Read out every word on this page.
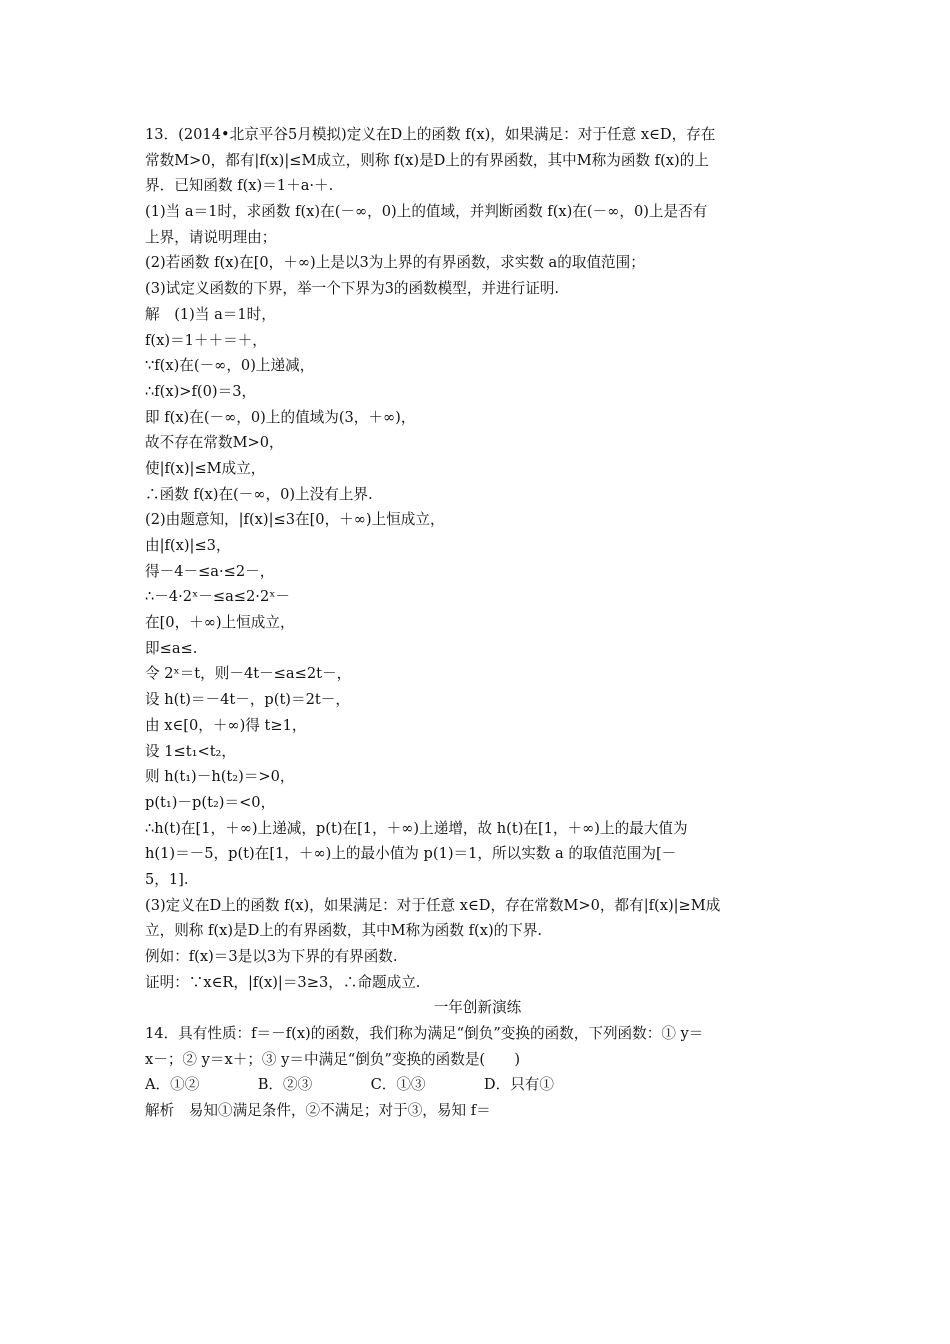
13．(2014•北京平谷5月模拟)定义在D上的函数 f(x)，如果满足：对于任意 x∈D，存在
常数M>0，都有|f(x)|≤M成立，则称 f(x)是D上的有界函数，其中M称为函数 f(x)的上
界．已知函数 f(x)＝1＋a·＋.
(1)当 a＝1时，求函数 f(x)在(－∞，0)上的值域，并判断函数 f(x)在(－∞，0)上是否有
上界，请说明理由；
(2)若函数 f(x)在[0，＋∞)上是以3为上界的有界函数，求实数 a的取值范围；
(3)试定义函数的下界，举一个下界为3的函数模型，并进行证明.
解　(1)当 a＝1时，
f(x)＝1＋＋＝＋，
∵f(x)在(－∞，0)上递减，
∴f(x)>f(0)＝3，
即 f(x)在(－∞，0)上的值域为(3，＋∞)，
故不存在常数M>0，
使|f(x)|≤M成立，
∴函数 f(x)在(－∞，0)上没有上界.
(2)由题意知，|f(x)|≤3在[0，＋∞)上恒成立，
由|f(x)|≤3，
得－4－≤a·≤2－，
∴－4·2ˣ－≤a≤2·2ˣ－
在[0，＋∞)上恒成立，
即≤a≤.
令 2ˣ＝t，则－4t－≤a≤2t－，
设 h(t)＝－4t－，p(t)＝2t－，
由 x∈[0，＋∞)得 t≥1，
设 1≤t₁<t₂，
则 h(t₁)－h(t₂)＝>0，
p(t₁)－p(t₂)＝<0，
∴h(t)在[1，＋∞)上递减，p(t)在[1，＋∞)上递增，故 h(t)在[1，＋∞)上的最大值为
h(1)＝－5，p(t)在[1，＋∞)上的最小值为 p(1)＝1，所以实数 a 的取值范围为[－
5，1].
(3)定义在D上的函数 f(x)，如果满足：对于任意 x∈D，存在常数M>0，都有|f(x)|≥M成
立，则称 f(x)是D上的有界函数，其中M称为函数 f(x)的下界.
例如：f(x)＝3是以3为下界的有界函数.
证明：∵x∈R，|f(x)|＝3≥3，∴命题成立.
一年创新演练
14．具有性质：f＝－f(x)的函数，我们称为满足“倒负”变换的函数，下列函数：① y＝
x－；② y＝x＋；③ y＝中满足“倒负”变换的函数是(　　)
A．①②　　　　B．②③　　　　C．①③　　　　D．只有①
解析　易知①满足条件，②不满足；对于③，易知 f＝
